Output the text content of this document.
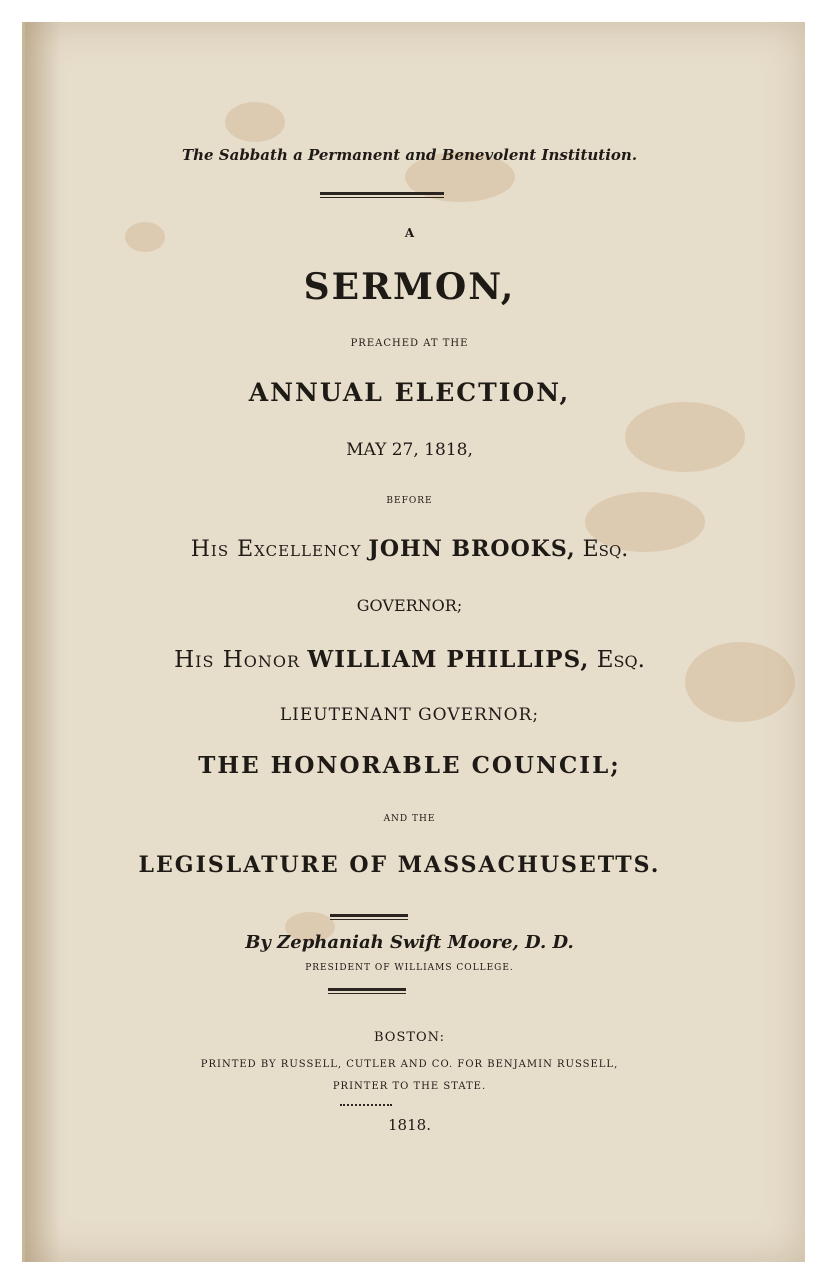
The Sabbath a Permanent and Benevolent Institution.
A
SERMON,
PREACHED AT THE
ANNUAL ELECTION,
MAY 27, 1818,
BEFORE
His Excellency JOHN BROOKS, Esq.
GOVERNOR;
His Honor WILLIAM PHILLIPS, Esq.
LIEUTENANT GOVERNOR;
THE HONORABLE COUNCIL;
AND THE
LEGISLATURE OF MASSACHUSETTS.
By Zephaniah Swift Moore, D. D.
PRESIDENT OF WILLIAMS COLLEGE.
BOSTON:
PRINTED BY RUSSELL, CUTLER AND CO. FOR BENJAMIN RUSSELL,
PRINTER TO THE STATE.
1818.
